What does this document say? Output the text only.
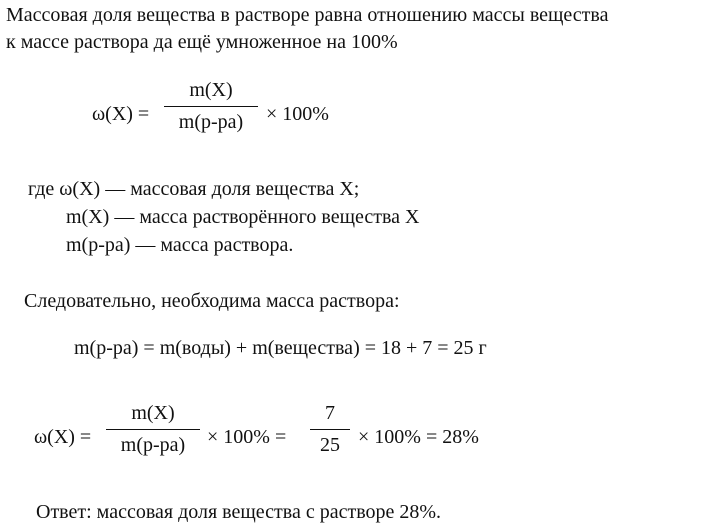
Массовая доля вещества в растворе равна отношению массы вещества
к массе раствора да ещё умноженное на 100%
ω(X) =
m(X)
m(р-ра) × 100%
где ω(X) — массовая доля вещества Х;
m(X) — масса растворённого вещества Х
m(р-ра) — масса раствора.
Следовательно, необходима масса раствора:
m(р-ра) = m(воды) + m(вещества) = 18 + 7 = 25 г
ω(X) =
m(X)
m(р-ра) × 100% =
7
25 × 100% = 28%
Ответ: массовая доля вещества с растворе 28%.
